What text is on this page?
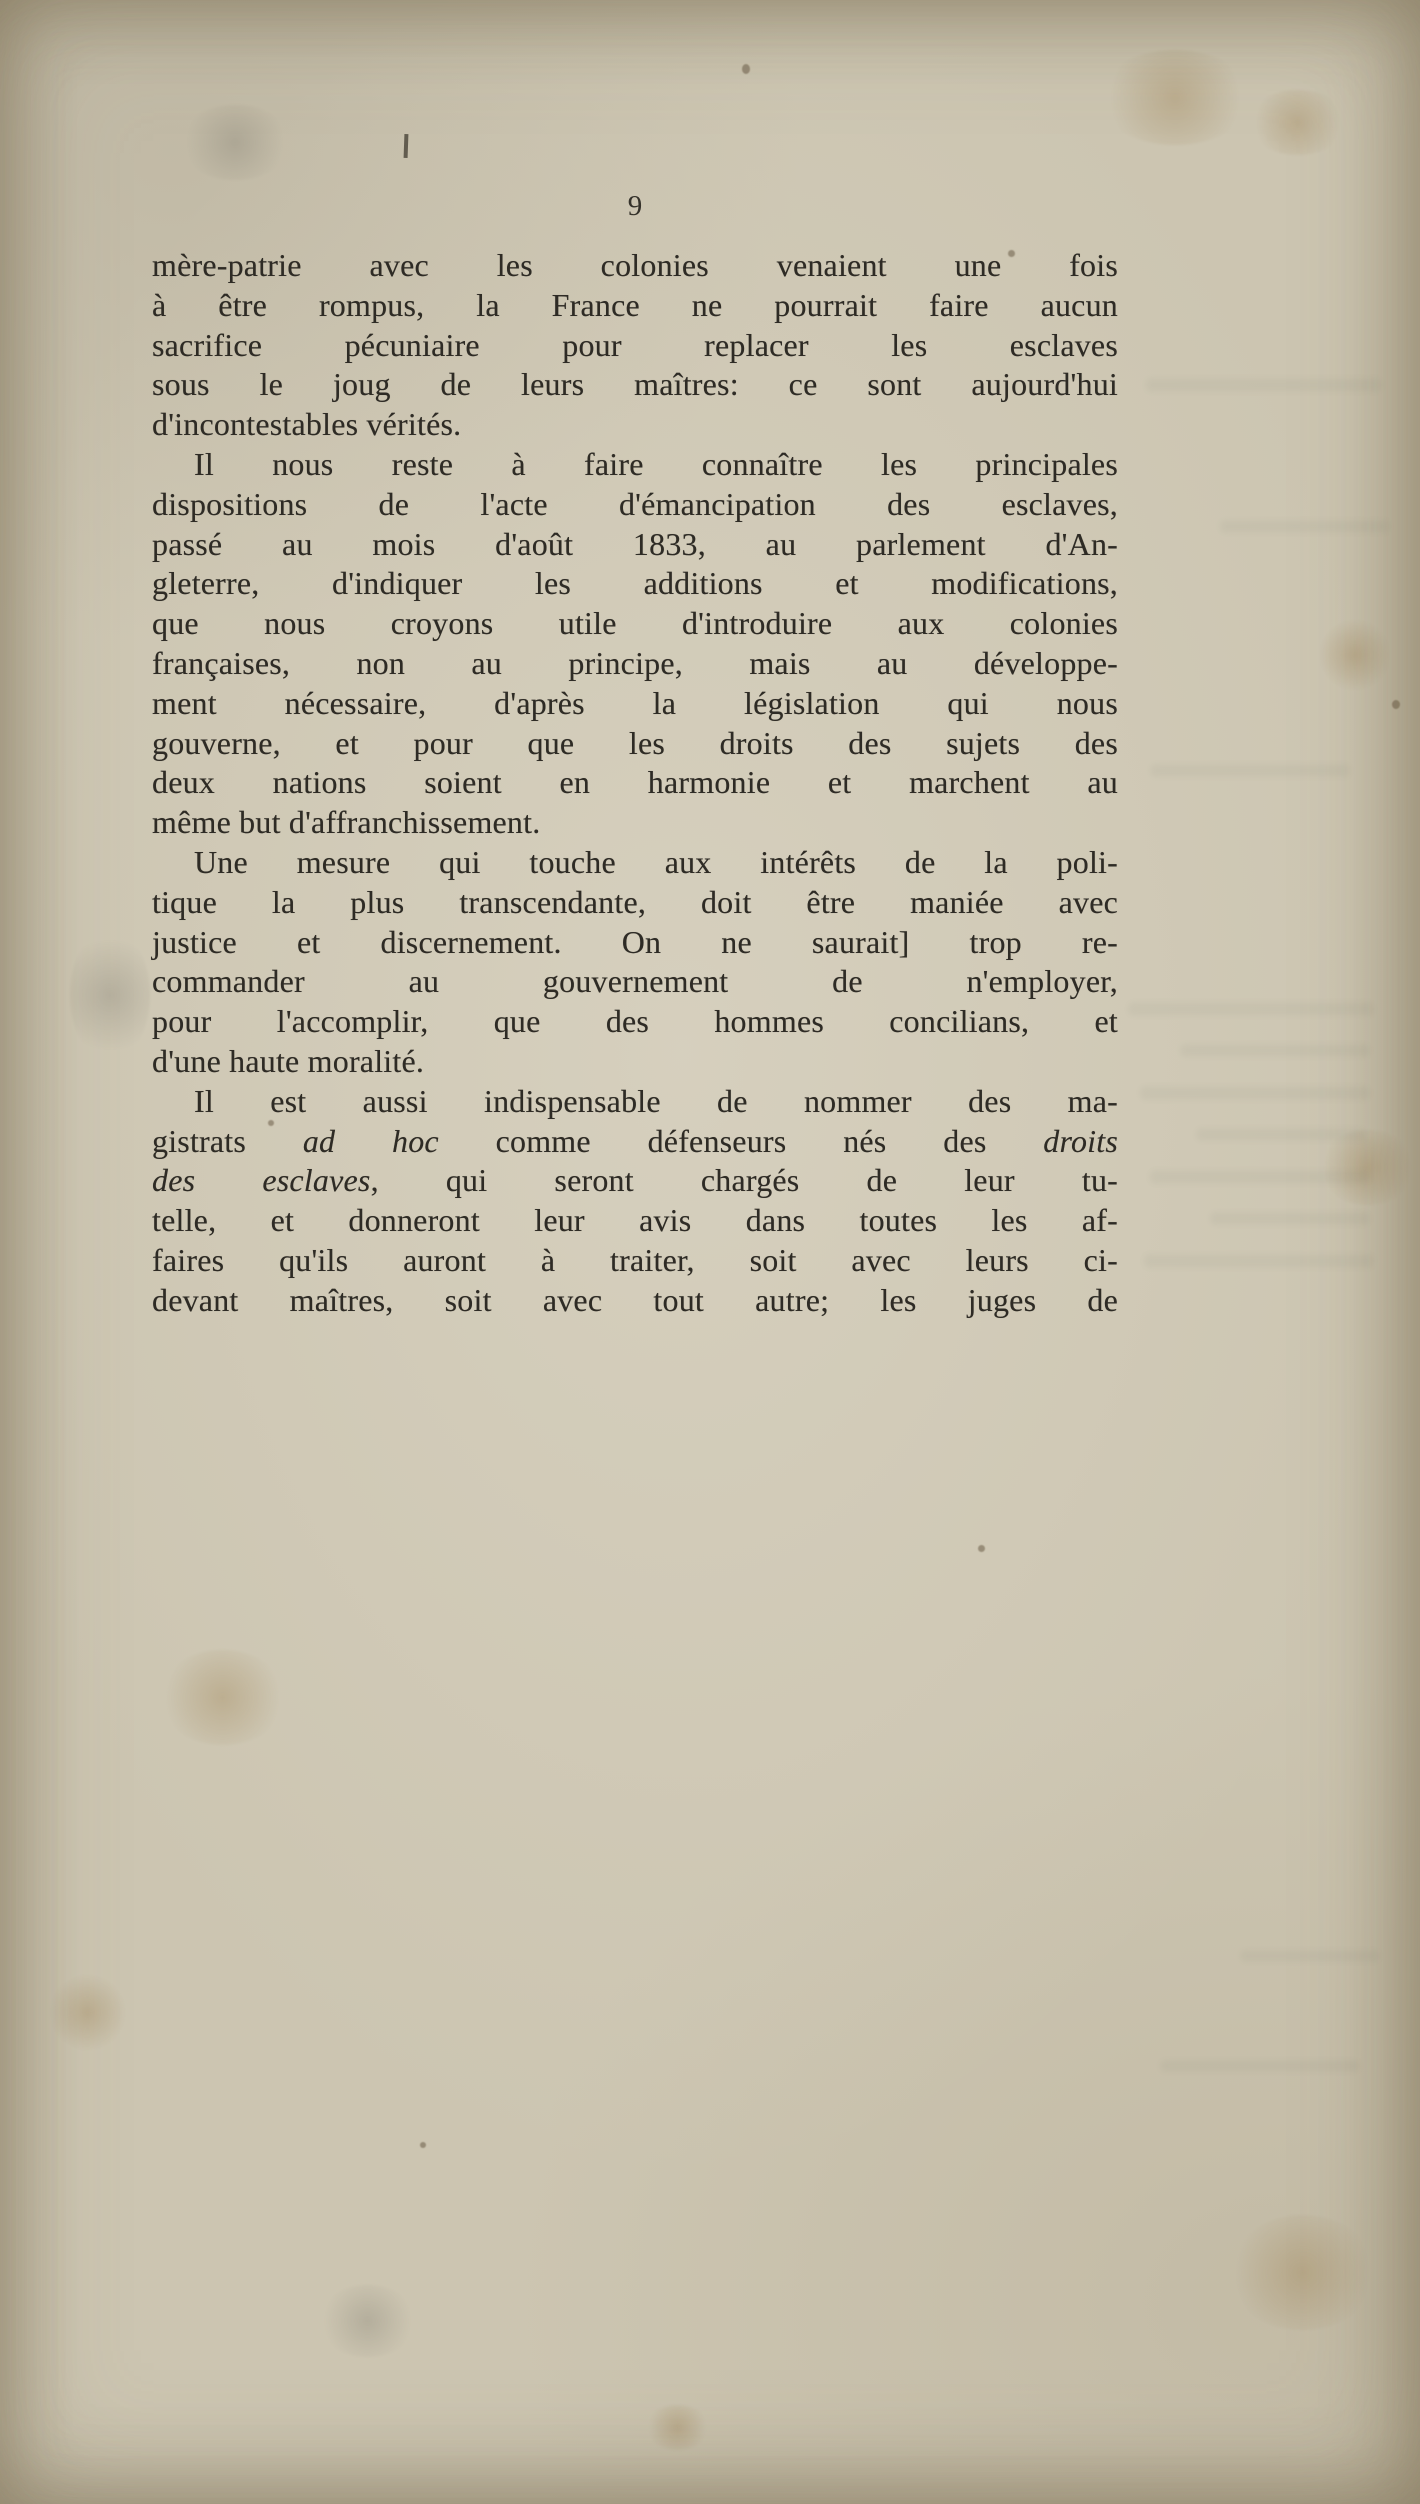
9
mère-patrie avec les colonies venaient une fois
à être rompus, la France ne pourrait faire aucun
sacrifice pécuniaire pour replacer les esclaves
sous le joug de leurs maîtres: ce sont aujourd'hui
d'incontestables vérités.
Il nous reste à faire connaître les principales
dispositions de l'acte d'émancipation des esclaves,
passé au mois d'août 1833, au parlement d'An-
gleterre, d'indiquer les additions et modifications,
que nous croyons utile d'introduire aux colonies
françaises, non au principe, mais au développe-
ment nécessaire, d'après la législation qui nous
gouverne, et pour que les droits des sujets des
deux nations soient en harmonie et marchent au
même but d'affranchissement.
Une mesure qui touche aux intérêts de la poli-
tique la plus transcendante, doit être maniée avec
justice et discernement. On ne saurait] trop re-
commander au gouvernement de n'employer,
pour l'accomplir, que des hommes concilians, et
d'une haute moralité.
Il est aussi indispensable de nommer des ma-
gistrats ad hoc comme défenseurs nés des droits
des esclaves, qui seront chargés de leur tu-
telle, et donneront leur avis dans toutes les af-
faires qu'ils auront à traiter, soit avec leurs ci-
devant maîtres, soit avec tout autre; les juges de
